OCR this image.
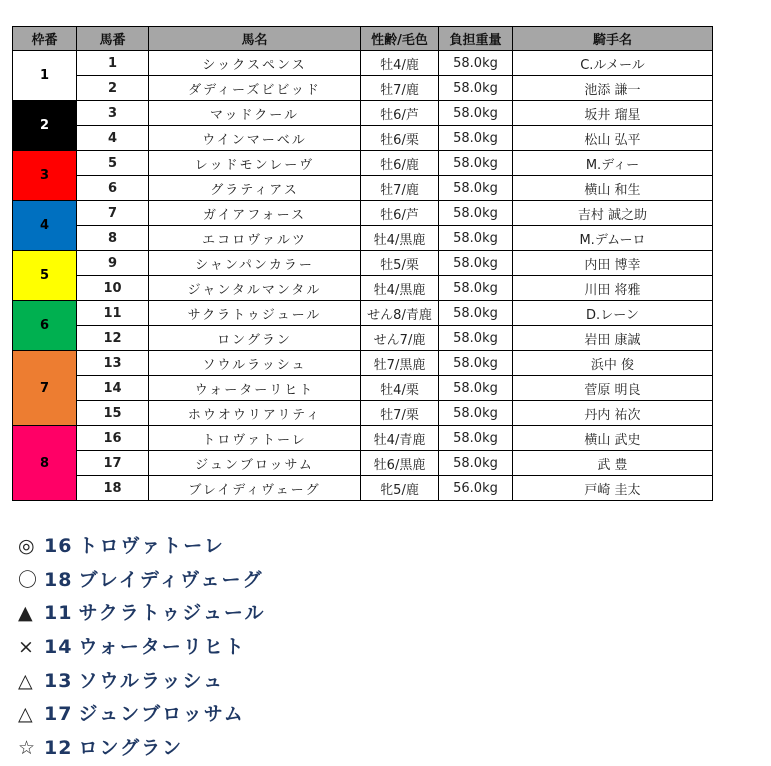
枠番	馬番	馬名	性齢/毛色	負担重量	騎手名
1	1	シックスペンス	牡4/鹿	58.0kg	C.ルメール
	2	ダディーズビビッド	牡7/鹿	58.0kg	池添 謙一
2	3	マッドクール	牡6/芦	58.0kg	坂井 瑠星
	4	ウインマーベル	牡6/栗	58.0kg	松山 弘平
3	5	レッドモンレーヴ	牡6/鹿	58.0kg	M.ディー
	6	グラティアス	牡7/鹿	58.0kg	横山 和生
4	7	ガイアフォース	牡6/芦	58.0kg	吉村 誠之助
	8	エコロヴァルツ	牡4/黒鹿	58.0kg	M.デムーロ
5	9	シャンパンカラー	牡5/栗	58.0kg	内田 博幸
	10	ジャンタルマンタル	牡4/黒鹿	58.0kg	川田 将雅
6	11	サクラトゥジュール	せん8/青鹿	58.0kg	D.レーン
	12	ロングラン	せん7/鹿	58.0kg	岩田 康誠
7	13	ソウルラッシュ	牡7/黒鹿	58.0kg	浜中 俊
	14	ウォーターリヒト	牡4/栗	58.0kg	菅原 明良
	15	ホウオウリアリティ	牡7/栗	58.0kg	丹内 祐次
8	16	トロヴァトーレ	牡4/青鹿	58.0kg	横山 武史
	17	ジュンブロッサム	牡6/黒鹿	58.0kg	武 豊
	18	ブレイディヴェーグ	牝5/鹿	56.0kg	戸崎 圭太
◎ 16 トロヴァトーレ
〇 18 ブレイディヴェーグ
▲ 11 サクラトゥジュール
× 14 ウォーターリヒト
△ 13 ソウルラッシュ
△ 17 ジュンブロッサム
☆ 12 ロングラン
